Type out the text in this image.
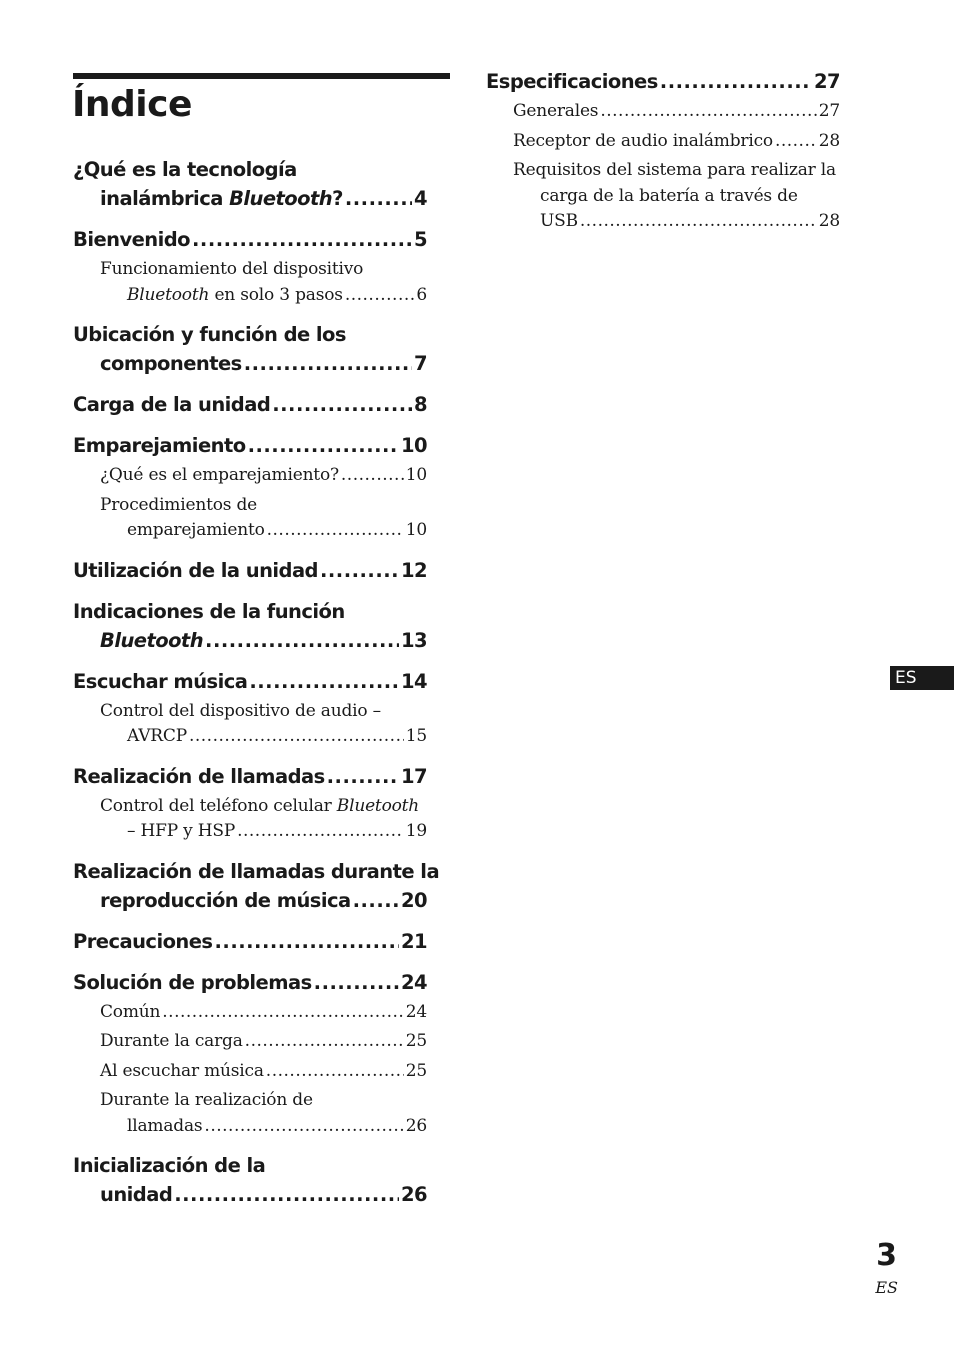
Índice
¿Qué es la tecnología
inalámbrica Bluetooth? .....	4
Bienvenido .....	5
Funcionamiento del dispositivo
Bluetooth en solo 3 pasos .....	6
Ubicación y función de los
componentes .....	7
Carga de la unidad .....	8
Emparejamiento .....	10
¿Qué es el emparejamiento? .....	10
Procedimientos de
emparejamiento .....	10
Utilización de la unidad .....	12
Indicaciones de la función
Bluetooth .....	13
Escuchar música .....	14
Control del dispositivo de audio –
AVRCP .....	15
Realización de llamadas .....	17
Control del teléfono celular Bluetooth
– HFP y HSP .....	19
Realización de llamadas durante la
reproducción de música .....	20
Precauciones .....	21
Solución de problemas .....	24
Común .....	24
Durante la carga .....	25
Al escuchar música .....	25
Durante la realización de
llamadas .....	26
Inicialización de la
unidad .....	26
Especificaciones .....	27
Generales .....	27
Receptor de audio inalámbrico .....	28
Requisitos del sistema para realizar la
carga de la batería a través de
USB .....	28
ES
3
ES
